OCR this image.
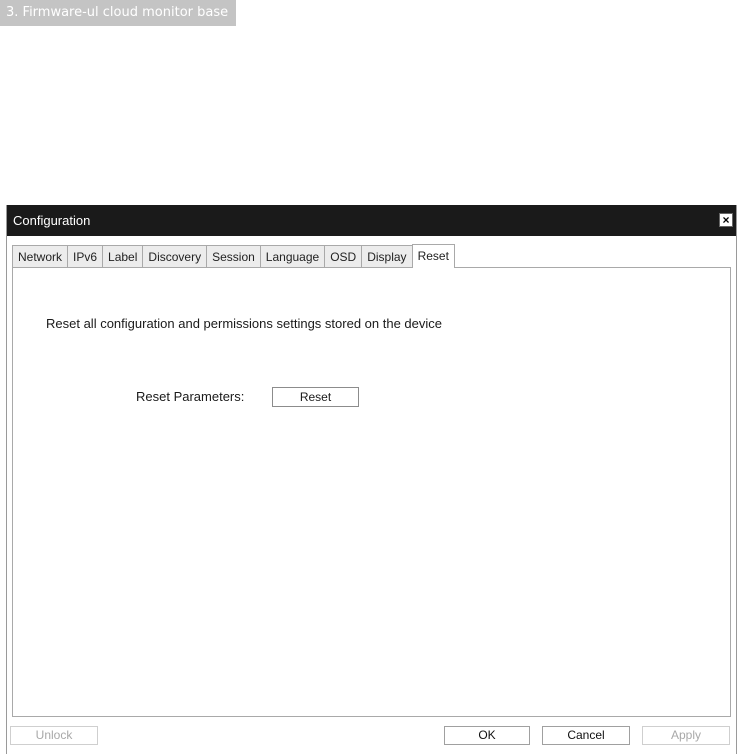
3. Firmware-ul cloud monitor base
Configuration	×
Network IPv6 Label Discovery Session Language OSD Display Reset
Reset all configuration and permissions settings stored on the device
Reset Parameters:	Reset
Unlock	OK	Cancel	Apply
